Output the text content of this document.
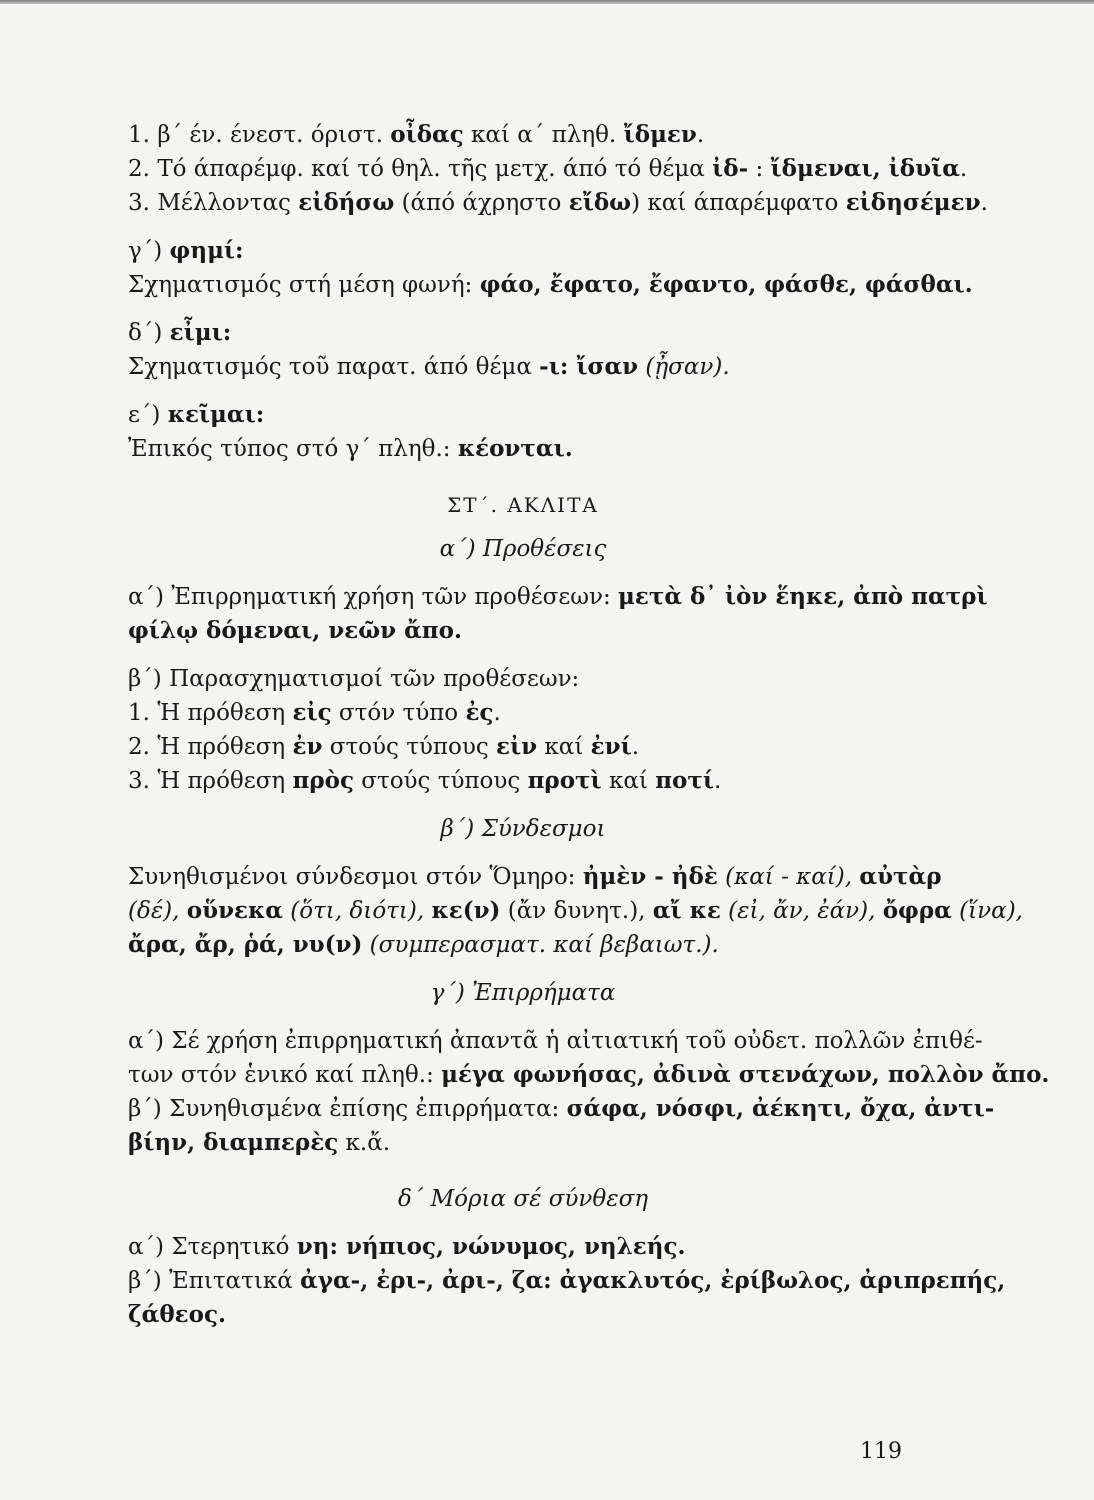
1. β΄ έν. ένεστ. όριστ. οἶδας καί α΄ πληθ. ἴδμεν.
2. Τό άπαρέμφ. καί τό θηλ. τῆς μετχ. άπό τό θέμα ἰδ- : ἴδμεναι, ἰδυῖα.
3. Μέλλοντας εἰδήσω (άπό άχρηστο εἴδω) καί άπαρέμφατο εἰδησέμεν.
γ΄) φημί:
Σχηματισμός στή μέση φωνή: φάο, ἔφατο, ἔφαντο, φάσθε, φάσθαι.
δ΄) εἶμι:
Σχηματισμός τοῦ παρατ. άπό θέμα -ι: ἴσαν (ᾖσαν).
ε΄) κεῖμαι:
Ἐπικός τύπος στό γ΄ πληθ.: κέονται.
ΣΤ΄. ΑΚΛΙΤΑ
α΄) Προθέσεις
α΄) Ἐπιρρηματική χρήση τῶν προθέσεων: μετὰ δ᾽ ἰὸν ἕηκε, ἀπὸ πατρὶ
φίλῳ δόμεναι, νεῶν ἄπο.
β΄) Παρασχηματισμοί τῶν προθέσεων:
1. Ἡ πρόθεση εἰς στόν τύπο ἐς.
2. Ἡ πρόθεση ἐν στούς τύπους εἰν καί ἐνί.
3. Ἡ πρόθεση πρὸς στούς τύπους προτὶ καί ποτί.
β΄) Σύνδεσμοι
Συνηθισμένοι σύνδεσμοι στόν Ὅμηρο: ἠμὲν - ἠδὲ (καί - καί), αὐτὰρ
(δέ), οὕνεκα (ὅτι, διότι), κε(ν) (ἄν δυνητ.), αἴ κε (εἰ, ἄν, ἐάν), ὄφρα (ἵνα),
ἄρα, ἄρ, ῥά, νυ(ν) (συμπερασματ. καί βεβαιωτ.).
γ΄) Ἐπιρρήματα
α΄) Σέ χρήση ἐπιρρηματική ἀπαντᾶ ἡ αἰτιατική τοῦ οὐδετ. πολλῶν ἐπιθέ-
των στόν ἑνικό καί πληθ.: μέγα φωνήσας, ἀδινὰ στενάχων, πολλὸν ἄπο.
β΄) Συνηθισμένα ἐπίσης ἐπιρρήματα: σάφα, νόσφι, ἀέκητι, ὄχα, ἀντι-
βίην, διαμπερὲς κ.ἄ.
δ΄ Μόρια σέ σύνθεση
α΄) Στερητικό νη: νήπιος, νώνυμος, νηλεής.
β΄) Ἐπιτατικά ἀγα-, ἐρι-, ἀρι-, ζα: ἀγακλυτός, ἐρίβωλος, ἀριπρεπής,
ζάθεος.
119
